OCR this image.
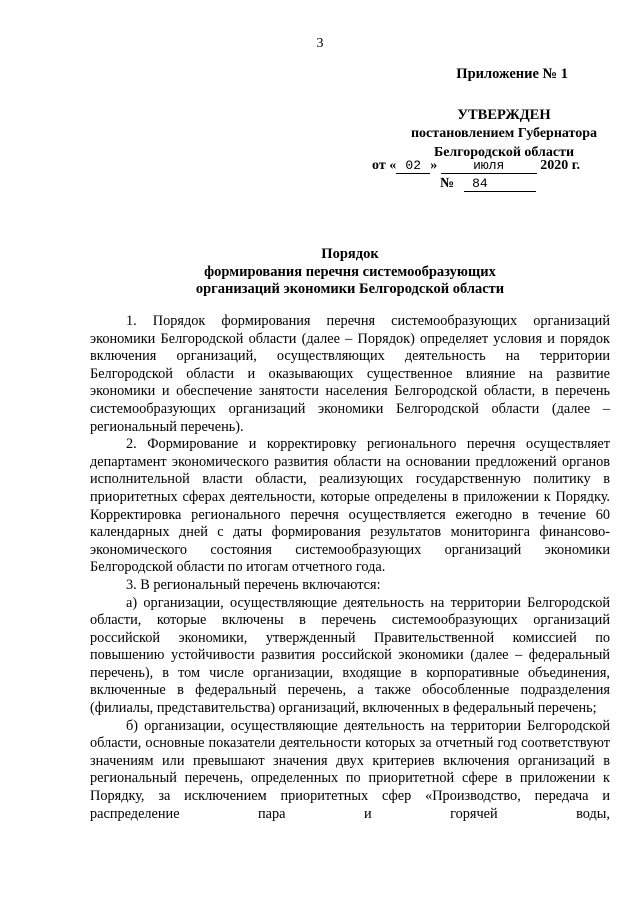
3
Приложение № 1
УТВЕРЖДЕН
постановлением Губернатора
Белгородской области
от « 02 »	июля	2020 г.
№ 84
Порядок
формирования перечня системообразующих
организаций экономики Белгородской области

1. Порядок формирования перечня системообразующих организаций экономики Белгородской области (далее – Порядок) определяет условия и порядок включения организаций, осуществляющих деятельность на территории Белгородской области и оказывающих существенное влияние на развитие экономики и обеспечение занятости населения Белгородской области, в перечень системообразующих организаций экономики Белгородской области (далее – региональный перечень).

2. Формирование и корректировку регионального перечня осуществляет департамент экономического развития области на основании предложений органов исполнительной власти области, реализующих государственную политику в приоритетных сферах деятельности, которые определены в приложении к Порядку. Корректировка регионального перечня осуществляется ежегодно в течение 60 календарных дней с даты формирования результатов мониторинга финансово-экономического состояния системообразующих организаций экономики Белгородской области по итогам отчетного года.

3. В региональный перечень включаются:

а) организации, осуществляющие деятельность на территории Белгородской области, которые включены в перечень системообразующих организаций российской экономики, утвержденный Правительственной комиссией по повышению устойчивости развития российской экономики (далее – федеральный перечень), в том числе организации, входящие в корпоративные объединения, включенные в федеральный перечень, а также обособленные подразделения (филиалы, представительства) организаций, включенных в федеральный перечень;

б) организации, осуществляющие деятельность на территории Белгородской области, основные показатели деятельности которых за отчетный год соответствуют значениям или превышают значения двух критериев включения организаций в региональный перечень, определенных по приоритетной сфере в приложении к Порядку, за исключением приоритетных сфер «Производство, передача и распределение пара и горячей воды,
